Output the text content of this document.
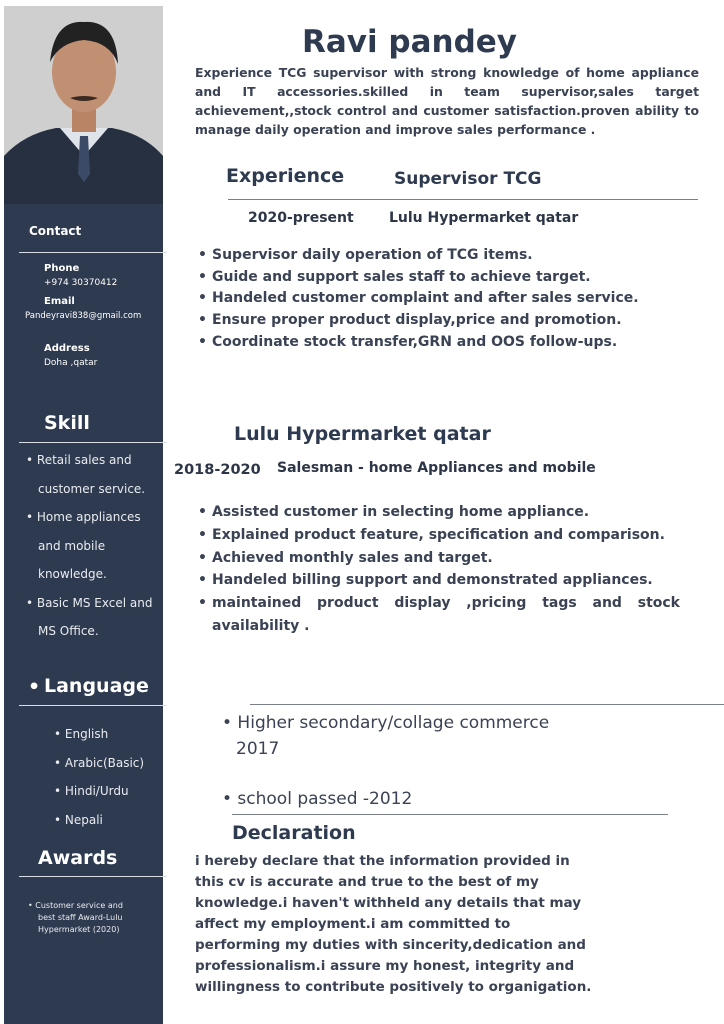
Contact
Phone
+974 30370412
Email
Pandeyravi838@gmail.com
Address
Doha ,qatar
Skill
• Retail sales and
customer service.
• Home appliances
and mobile
knowledge.
• Basic MS Excel and
MS Office.
• Language
• English
• Arabic(Basic)
• Hindi/Urdu
• Nepali
Awards
• Customer service and
best staff Award-Lulu
Hypermarket (2020)
Ravi pandey
Experience TCG supervisor with strong knowledge of home appliance and IT accessories.skilled in team supervisor,sales target achievement,,stock control and customer satisfaction.proven ability to manage daily operation and improve sales performance .
Experience	Supervisor TCG
2020-present	Lulu Hypermarket qatar
• Supervisor daily operation of TCG items.
• Guide and support sales staff to achieve target.
• Handeled customer complaint and after sales service.
• Ensure proper product display,price and promotion.
• Coordinate stock transfer,GRN and OOS follow-ups.
Lulu Hypermarket qatar
2018-2020 Salesman - home Appliances and mobile
• Assisted customer in selecting home appliance.
• Explained product feature, specification and comparison.
• Achieved monthly sales and target.
• Handeled billing support and demonstrated appliances.
• maintained product display ,pricing tags and stock availability .
• Higher secondary/collage commerce
2017
• school passed -2012
Declaration
i hereby declare that the information provided in
this cv is accurate and true to the best of my
knowledge.i haven't withheld any details that may
affect my employment.i am committed to
performing my duties with sincerity,dedication and
professionalism.i assure my honest, integrity and
willingness to contribute positively to organigation.
